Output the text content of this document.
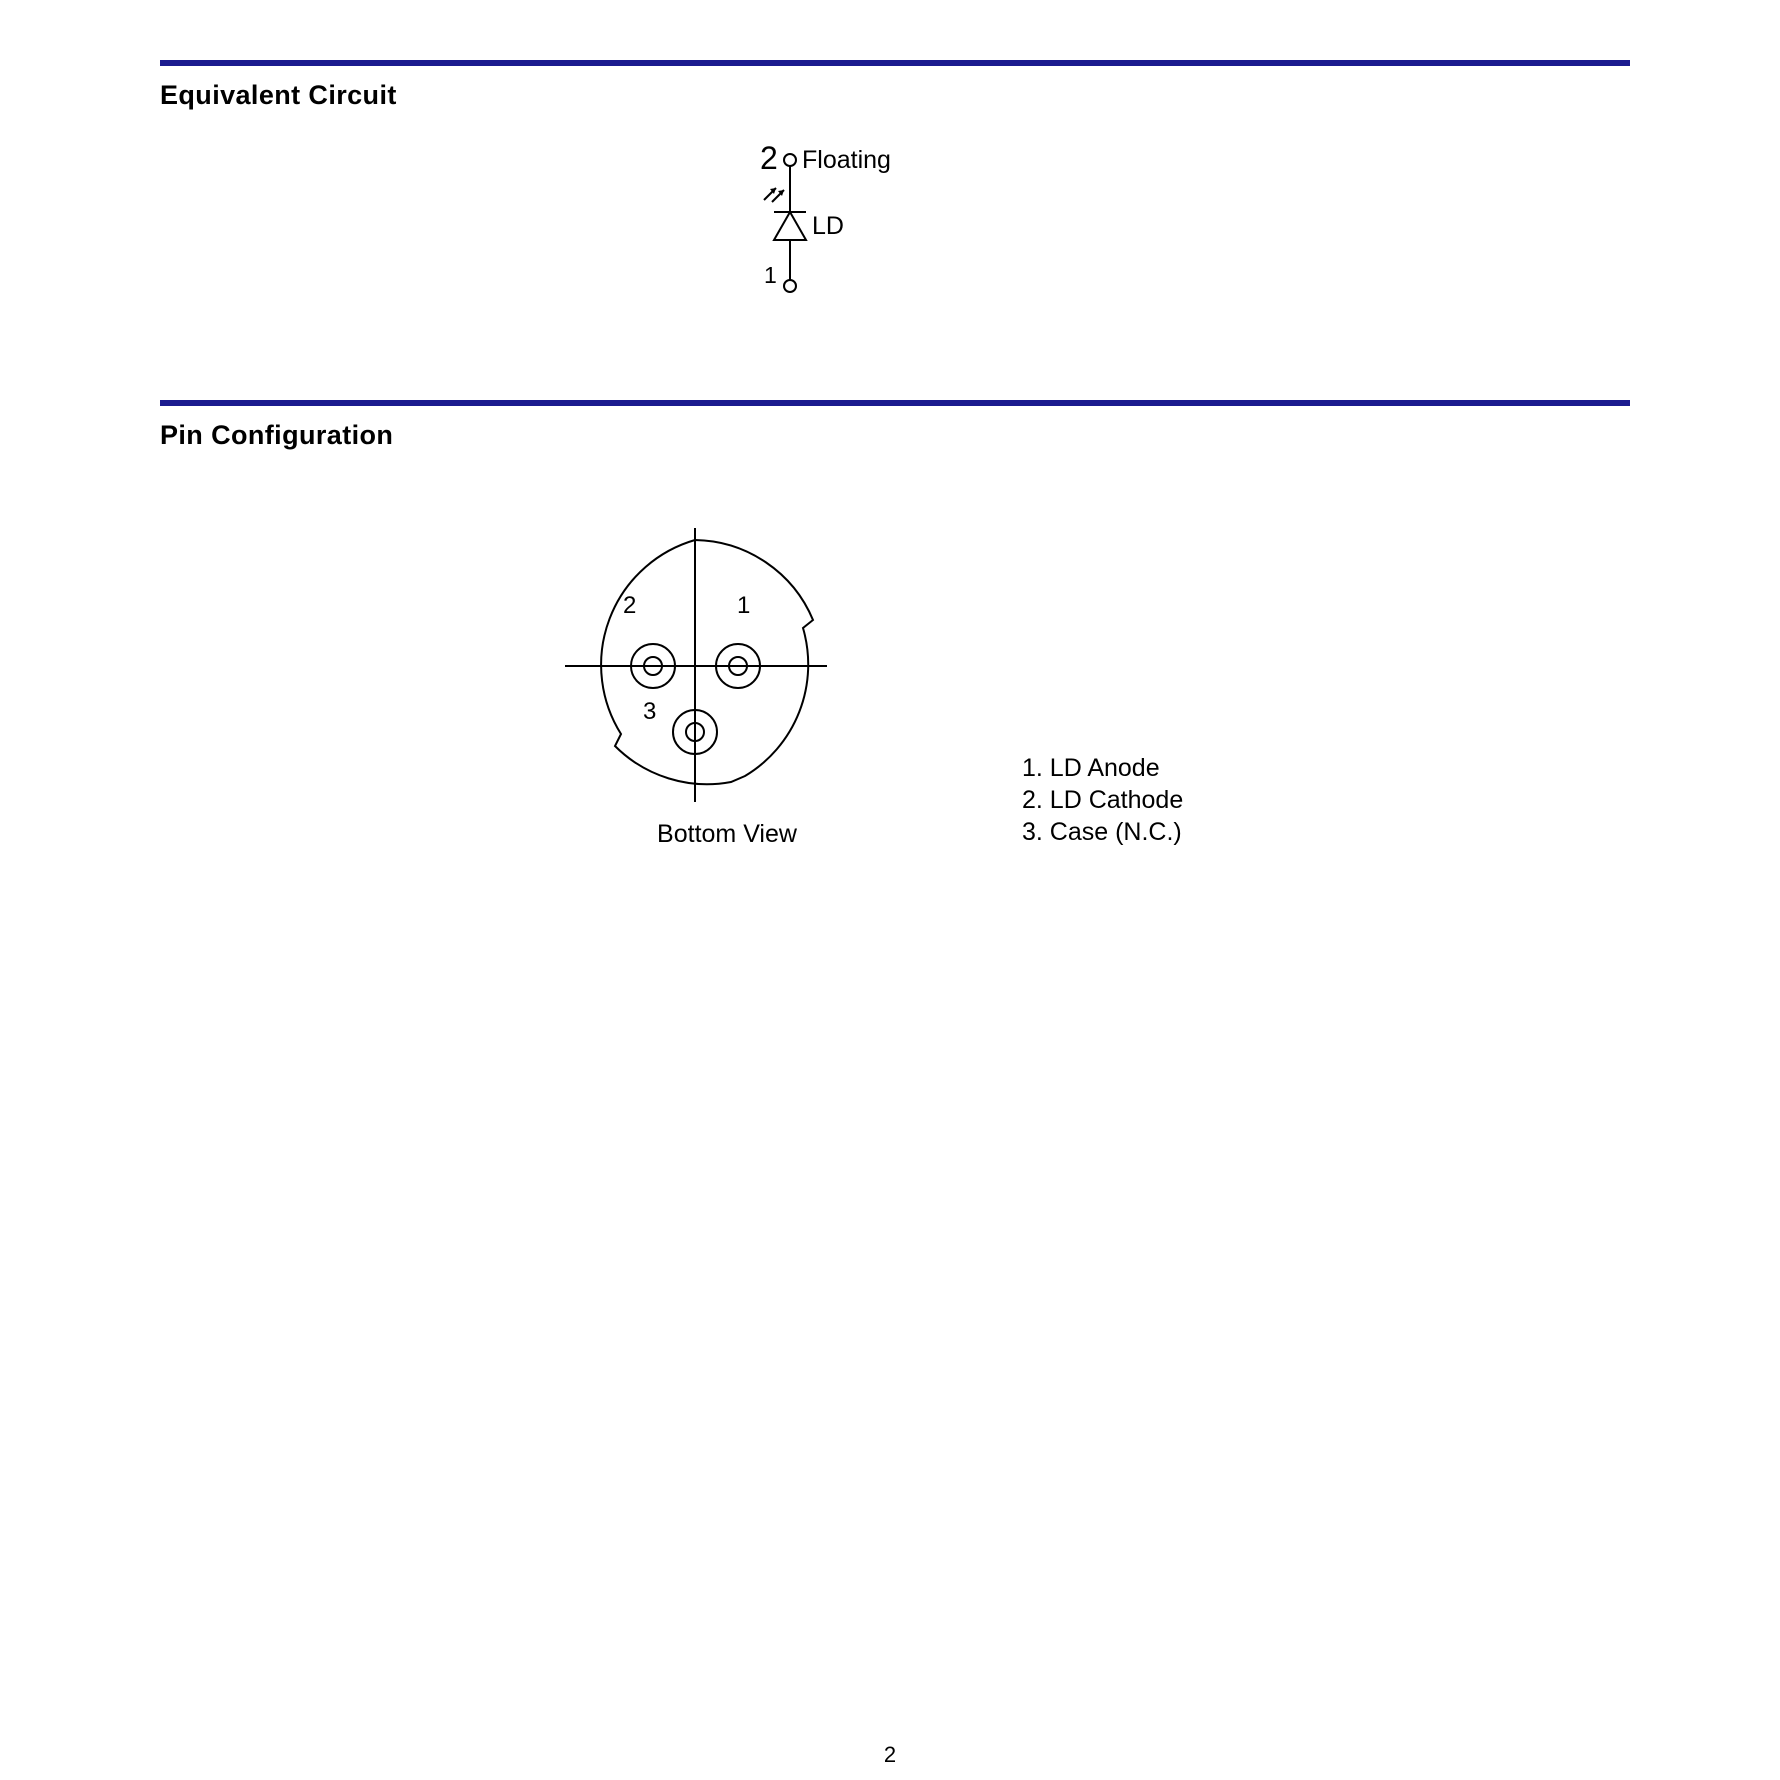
Equivalent Circuit
2 Floating
LD
1
Pin Configuration
2	1
3
Bottom View
1. LD Anode
2. LD Cathode
3. Case (N.C.)
2
